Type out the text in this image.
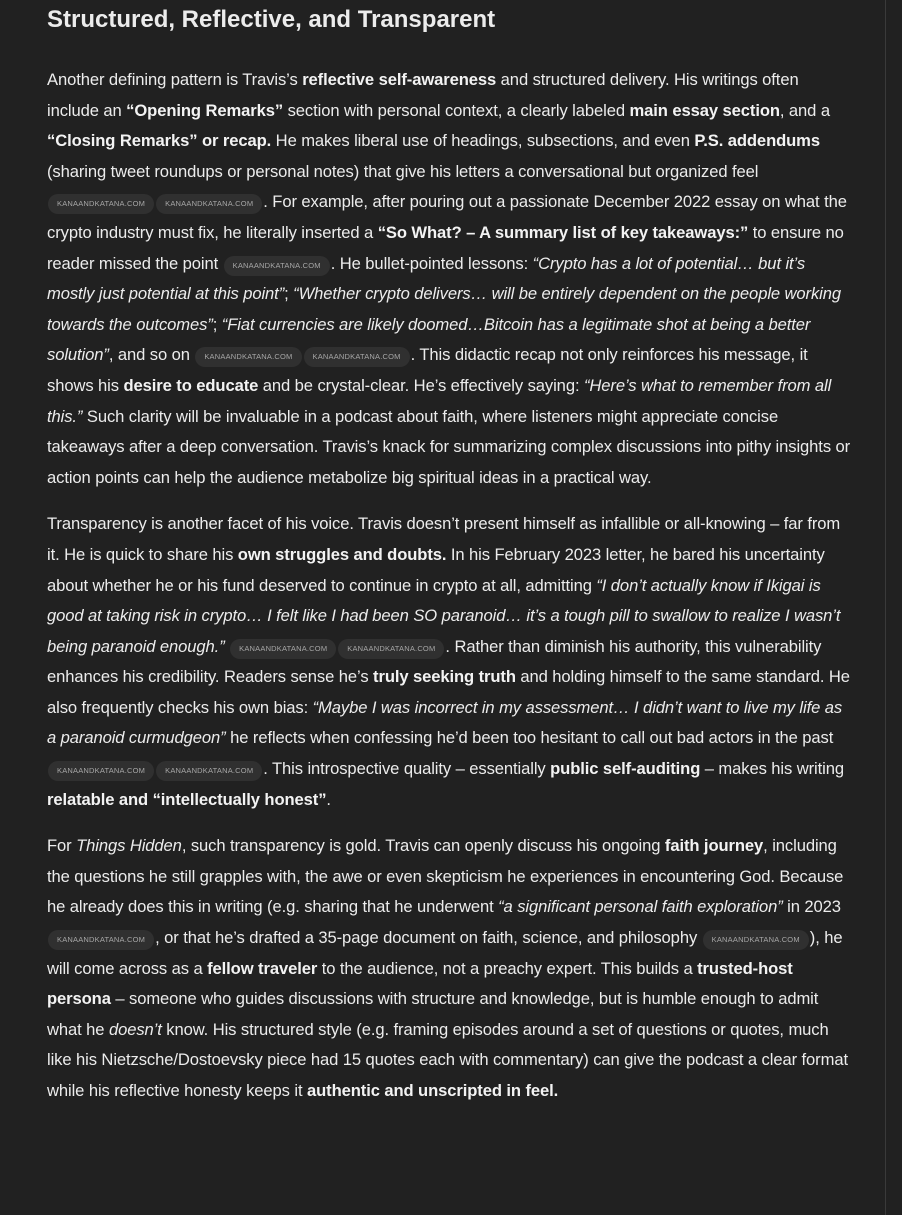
Structured, Reflective, and Transparent

Another defining pattern is Travis’s reflective self-awareness and structured delivery. His writings often include an “Opening Remarks” section with personal context, a clearly labeled main essay section, and a “Closing Remarks” or recap. He makes liberal use of headings, subsections, and even P.S. addendums (sharing tweet roundups or personal notes) that give his letters a conversational but organized feel KANAANDKATANA.COM	KANAANDKATANA.COM . For example, after pouring out a passionate December 2022 essay on what the crypto industry must fix, he literally inserted a “So What? – A summary list of key takeaways:” to ensure no reader missed the point KANAANDKATANA.COM . He bullet-pointed lessons: “Crypto has a lot of potential… but it’s mostly just potential at this point”; “Whether crypto delivers… will be entirely dependent on the people working towards the outcomes”; “Fiat currencies are likely doomed…Bitcoin has a legitimate shot at being a better solution”, and so on KANAANDKATANA.COM	KANAANDKATANA.COM . This didactic recap not only reinforces his message, it shows his desire to educate and be crystal-clear. He’s effectively saying: “Here’s what to remember from all this.” Such clarity will be invaluable in a podcast about faith, where listeners might appreciate concise takeaways after a deep conversation. Travis’s knack for summarizing complex discussions into pithy insights or action points can help the audience metabolize big spiritual ideas in a practical way.

Transparency is another facet of his voice. Travis doesn’t present himself as infallible or all-knowing – far from it. He is quick to share his own struggles and doubts. In his February 2023 letter, he bared his uncertainty about whether he or his fund deserved to continue in crypto at all, admitting “I don’t actually know if Ikigai is good at taking risk in crypto… I felt like I had been SO paranoid… it’s a tough pill to swallow to realize I wasn’t being paranoid enough.” KANAANDKATANA.COM	KANAANDKATANA.COM . Rather than diminish his authority, this vulnerability enhances his credibility. Readers sense he’s truly seeking truth and holding himself to the same standard. He also frequently checks his own bias: “Maybe I was incorrect in my assessment… I didn’t want to live my life as a paranoid curmudgeon” he reflects when confessing he’d been too hesitant to call out bad actors in the past KANAANDKATANA.COM	KANAANDKATANA.COM . This introspective quality – essentially public self-auditing – makes his writing relatable and “intellectually honest”.

For Things Hidden, such transparency is gold. Travis can openly discuss his ongoing faith journey, including the questions he still grapples with, the awe or even skepticism he experiences in encountering God. Because he already does this in writing (e.g. sharing that he underwent “a significant personal faith exploration” in 2023 KANAANDKATANA.COM , or that he’s drafted a 35-page document on faith, science, and philosophy KANAANDKATANA.COM ), he will come across as a fellow traveler to the audience, not a preachy expert. This builds a trusted-host persona – someone who guides discussions with structure and knowledge, but is humble enough to admit what he doesn’t know. His structured style (e.g. framing episodes around a set of questions or quotes, much like his Nietzsche/Dostoevsky piece had 15 quotes each with commentary) can give the podcast a clear format while his reflective honesty keeps it authentic and unscripted in feel.
